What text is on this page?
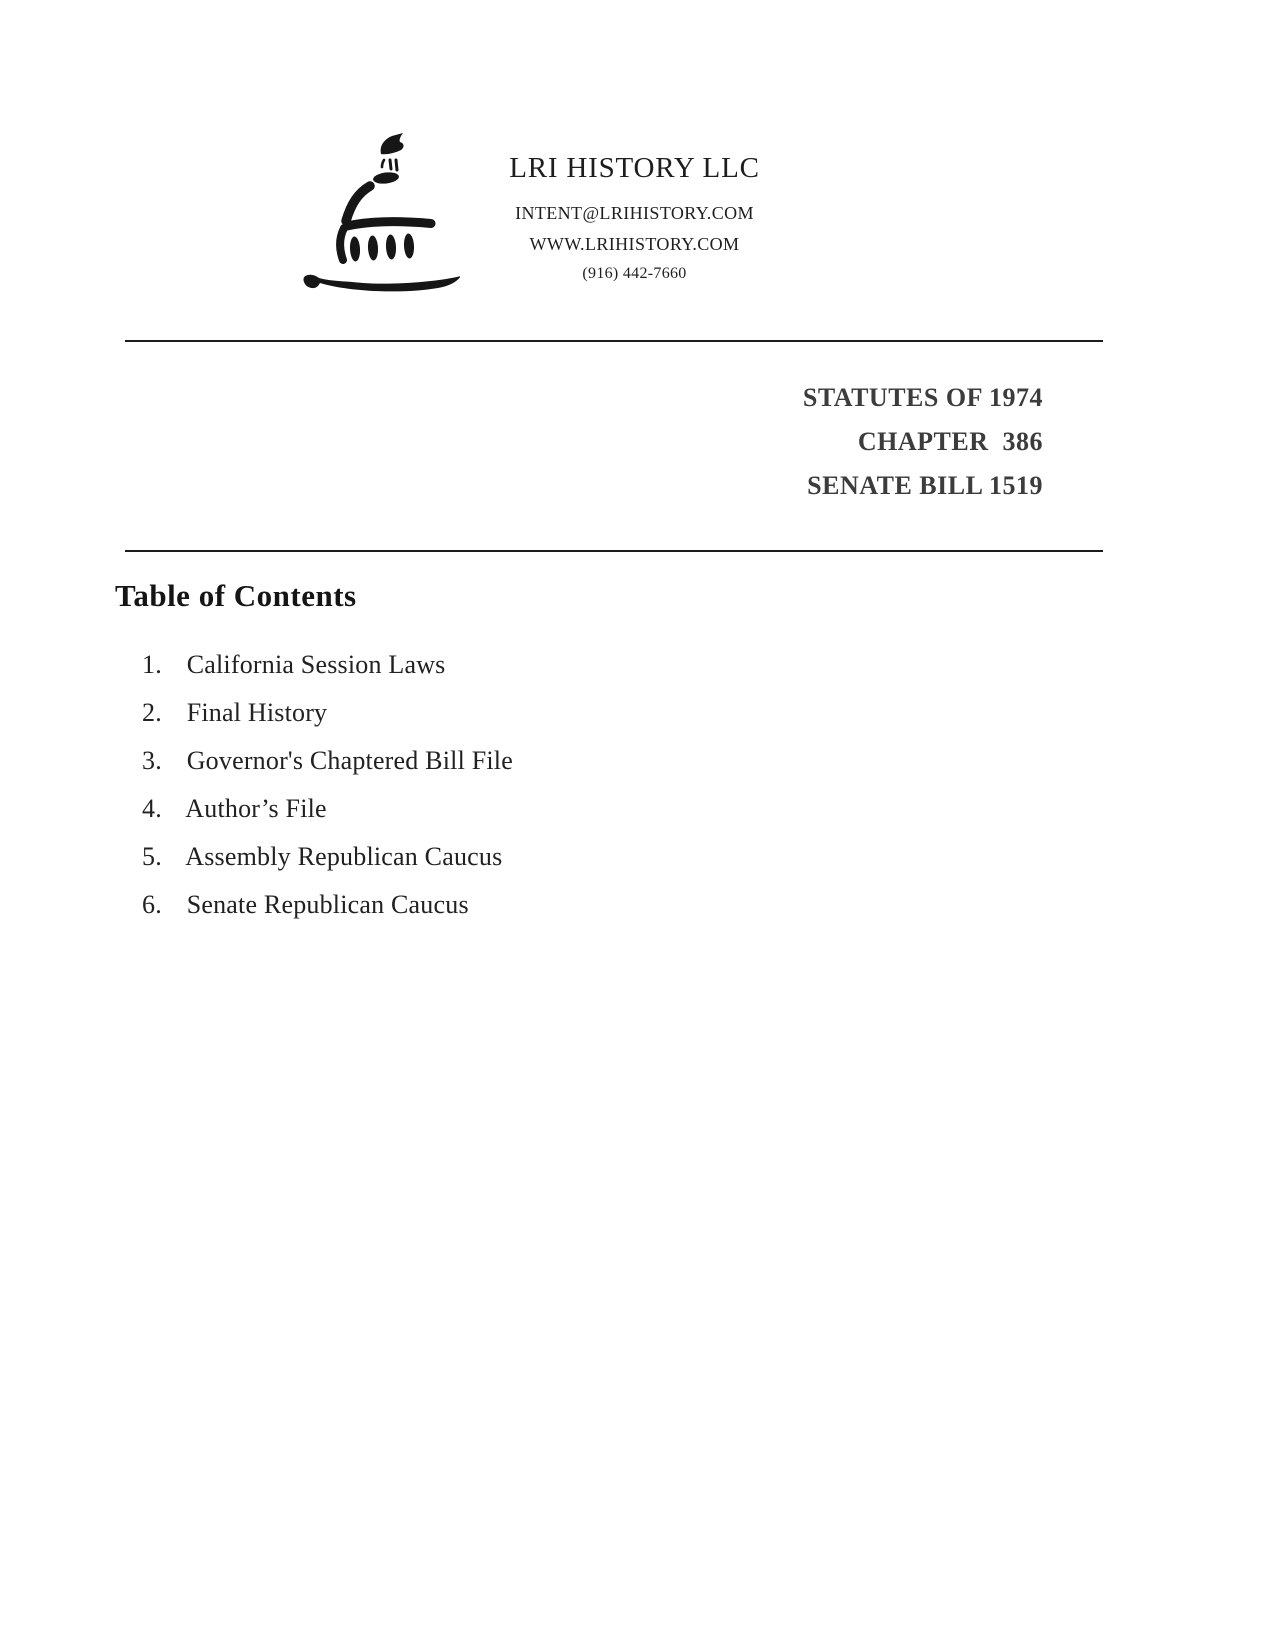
LRI HISTORY LLC
INTENT@LRIHISTORY.COM
WWW.LRIHISTORY.COM
(916) 442-7660
STATUTES OF 1974
CHAPTER  386
SENATE BILL 1519
Table of Contents
1. California Session Laws
2. Final History
3. Governor's Chaptered Bill File
4. Author’s File
5. Assembly Republican Caucus
6. Senate Republican Caucus
